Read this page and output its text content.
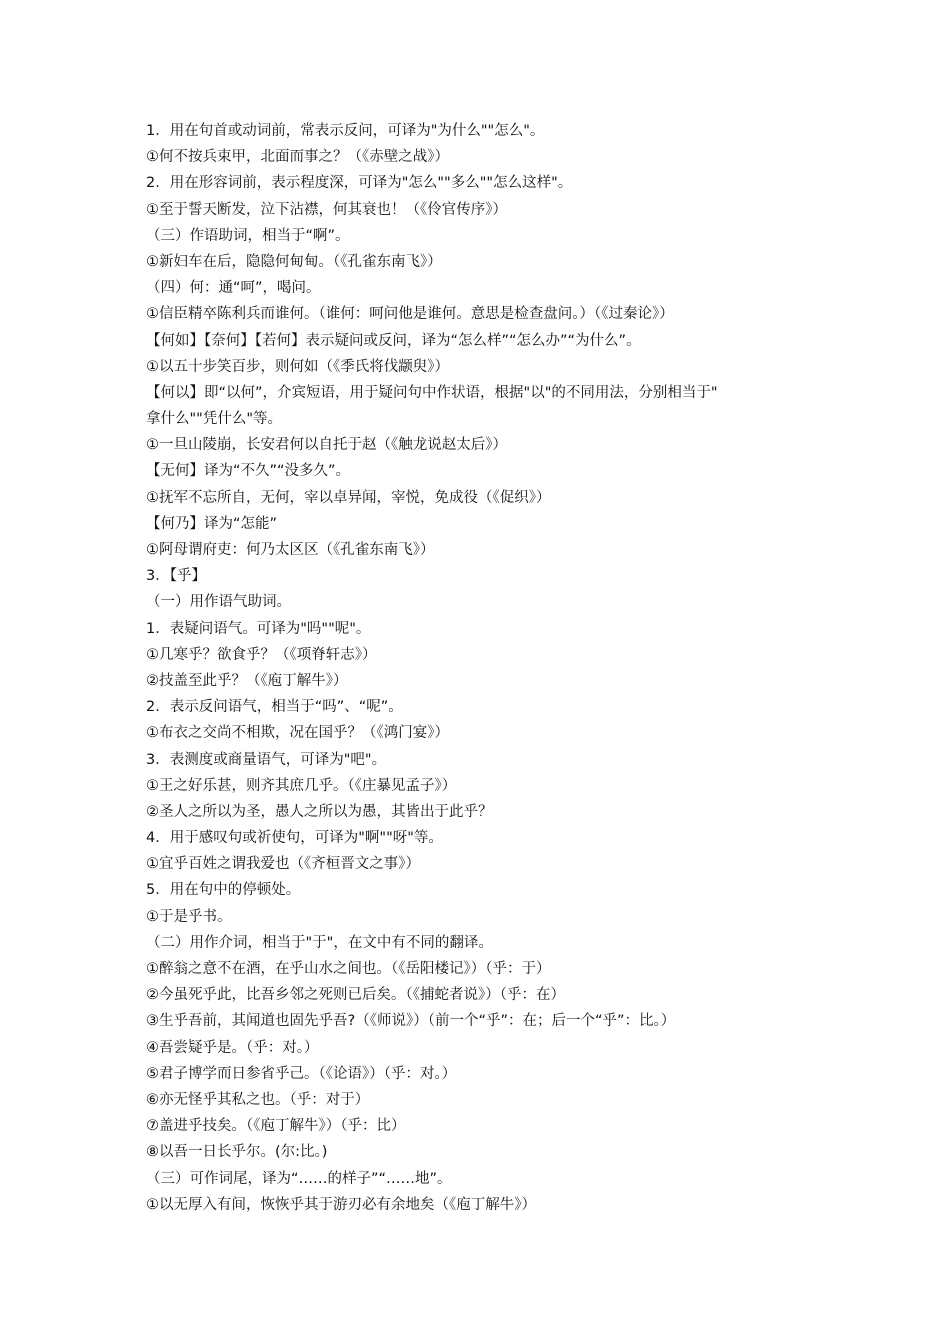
1．用在句首或动词前，常表示反问，可译为"为什么""怎么"。
①何不按兵束甲，北面而事之？（《赤壁之战》）
2．用在形容词前，表示程度深，可译为"怎么""多么""怎么这样"。
①至于誓天断发，泣下沾襟，何其衰也！（《伶官传序》）
（三）作语助词，相当于“啊”。
①新妇车在后，隐隐何甸甸。（《孔雀东南飞》）
（四）何：通“呵”，喝问。
①信臣精卒陈利兵而谁何。（谁何：呵问他是谁何。意思是检查盘问。）（《过秦论》）
【何如】【奈何】【若何】表示疑问或反问，译为“怎么样”“怎么办”“为什么”。
①以五十步笑百步，则何如（《季氏将伐颛臾》）
【何以】即“以何”，介宾短语，用于疑问句中作状语，根据"以"的不同用法，分别相当于"
拿什么""凭什么"等。
①一旦山陵崩，长安君何以自托于赵（《触龙说赵太后》）
【无何】译为“不久”“没多久”。
①抚军不忘所自，无何，宰以卓异闻，宰悦，免成役（《促织》）
【何乃】译为“怎能”
①阿母谓府吏：何乃太区区（《孔雀东南飞》）
3．【乎】
（一）用作语气助词。
1．表疑问语气。可译为"吗""呢"。
①几寒乎？欲食乎？（《项脊轩志》）
②技盖至此乎？（《庖丁解牛》）
2．表示反问语气，相当于“吗”、“呢”。
①布衣之交尚不相欺，况在国乎？（《鸿门宴》）
3．表测度或商量语气，可译为"吧"。
①王之好乐甚，则齐其庶几乎。（《庄暴见孟子》）
②圣人之所以为圣，愚人之所以为愚，其皆出于此乎？
4．用于感叹句或祈使句，可译为"啊""呀"等。
①宜乎百姓之谓我爱也（《齐桓晋文之事》）
5．用在句中的停顿处。
①于是乎书。
（二）用作介词，相当于"于"，在文中有不同的翻译。
①醉翁之意不在酒，在乎山水之间也。（《岳阳楼记》）（乎：于）
②今虽死乎此，比吾乡邻之死则已后矣。（《捕蛇者说》）（乎：在）
③生乎吾前，其闻道也固先乎吾?（《师说》）（前一个“乎”：在；后一个“乎”：比。）
④吾尝疑乎是。（乎：对。）
⑤君子博学而日参省乎己。（《论语》）（乎：对。）
⑥亦无怪乎其私之也。（乎：对于）
⑦盖进乎技矣。（《庖丁解牛》）（乎：比）
⑧以吾一日长乎尔。(尔:比。)
（三）可作词尾，译为“……的样子”“……地”。
①以无厚入有间，恢恢乎其于游刃必有余地矣（《庖丁解牛》）
